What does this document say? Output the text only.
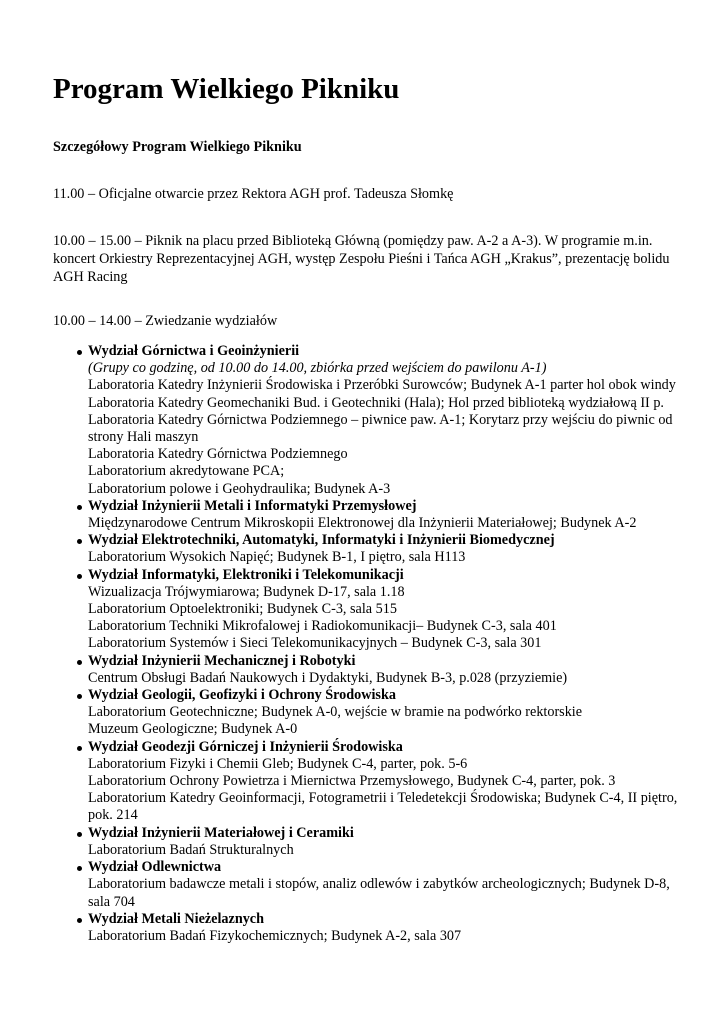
Program Wielkiego Pikniku

Szczegółowy Program Wielkiego Pikniku

11.00 – Oficjalne otwarcie przez Rektora AGH prof. Tadeusza Słomkę

10.00 – 15.00 – Piknik na placu przed Biblioteką Główną (pomiędzy paw. A-2 a A-3). W programie m.in. koncert Orkiestry Reprezentacyjnej AGH, występ Zespołu Pieśni i Tańca AGH „Krakus”, prezentację bolidu AGH Racing

10.00 – 14.00 – Zwiedzanie wydziałów

Wydział Górnictwa i Geoinżynierii
(Grupy co godzinę, od 10.00 do 14.00, zbiórka przed wejściem do pawilonu A-1)
Laboratoria Katedry Inżynierii Środowiska i Przeróbki Surowców; Budynek A-1 parter hol obok windy
Laboratoria Katedry Geomechaniki Bud. i Geotechniki (Hala); Hol przed biblioteką wydziałową II p.
Laboratoria Katedry Górnictwa Podziemnego – piwnice paw. A-1; Korytarz przy wejściu do piwnic od strony Hali maszyn
Laboratoria Katedry Górnictwa Podziemnego
Laboratorium akredytowane PCA;
Laboratorium polowe i Geohydraulika; Budynek A-3
Wydział Inżynierii Metali i Informatyki Przemysłowej
Międzynarodowe Centrum Mikroskopii Elektronowej dla Inżynierii Materiałowej; Budynek A-2
Wydział Elektrotechniki, Automatyki, Informatyki i Inżynierii Biomedycznej
Laboratorium Wysokich Napięć; Budynek B-1, I piętro, sala H113
Wydział Informatyki, Elektroniki i Telekomunikacji
Wizualizacja Trójwymiarowa; Budynek D-17, sala 1.18
Laboratorium Optoelektroniki; Budynek C-3, sala 515
Laboratorium Techniki Mikrofalowej i Radiokomunikacji– Budynek C-3, sala 401
Laboratorium Systemów i Sieci Telekomunikacyjnych – Budynek C-3, sala 301
Wydział Inżynierii Mechanicznej i Robotyki
Centrum Obsługi Badań Naukowych i Dydaktyki, Budynek B-3, p.028 (przyziemie)
Wydział Geologii, Geofizyki i Ochrony Środowiska
Laboratorium Geotechniczne; Budynek A-0, wejście w bramie na podwórko rektorskie
Muzeum Geologiczne; Budynek A-0
Wydział Geodezji Górniczej i Inżynierii Środowiska
Laboratorium Fizyki i Chemii Gleb; Budynek C-4, parter, pok. 5-6
Laboratorium Ochrony Powietrza i Miernictwa Przemysłowego, Budynek C-4, parter, pok. 3
Laboratorium Katedry Geoinformacji, Fotogrametrii i Teledetekcji Środowiska; Budynek C-4, II piętro, pok. 214
Wydział Inżynierii Materiałowej i Ceramiki
Laboratorium Badań Strukturalnych
Wydział Odlewnictwa
Laboratorium badawcze metali i stopów, analiz odlewów i zabytków archeologicznych; Budynek D-8, sala 704
Wydział Metali Nieżelaznych
Laboratorium Badań Fizykochemicznych; Budynek A-2, sala 307
